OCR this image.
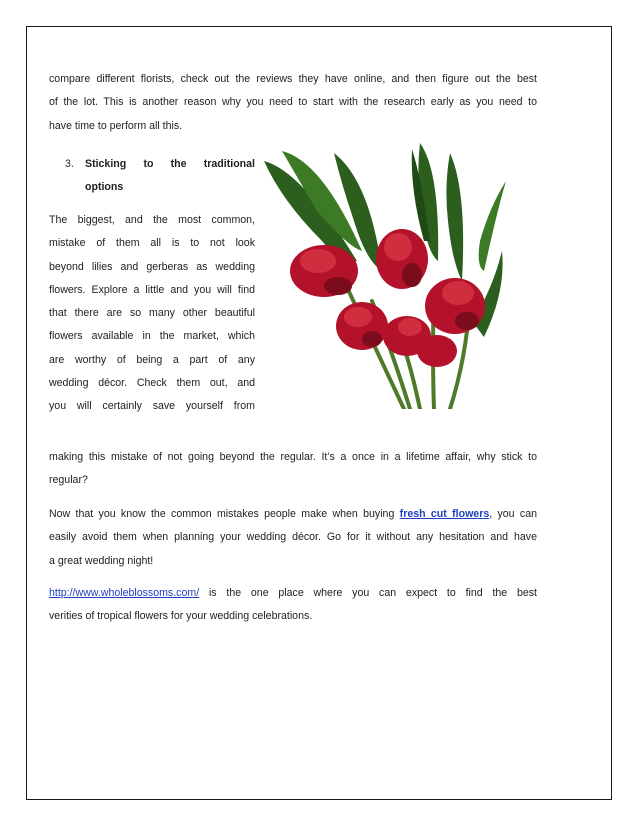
compare different florists, check out the reviews they have online, and then figure out the best
of the lot. This is another reason why you need to start with the research early as you need to
have time to perform all this.
3. Sticking to the traditional
options
The biggest, and the most common,
mistake of them all is to not look
beyond lilies and gerberas as wedding
flowers. Explore a little and you will find
that there are so many other beautiful
flowers available in the market, which
are worthy of being a part of any
wedding décor. Check them out, and
you will certainly save yourself from
making this mistake of not going beyond the regular. It’s a once in a lifetime affair, why stick to
regular?
Now that you know the common mistakes people make when buying fresh cut flowers, you can
easily avoid them when planning your wedding décor. Go for it without any hesitation and have
a great wedding night!
http://www.wholeblossoms.com/ is the one place where you can expect to find the best
verities of tropical flowers for your wedding celebrations.
